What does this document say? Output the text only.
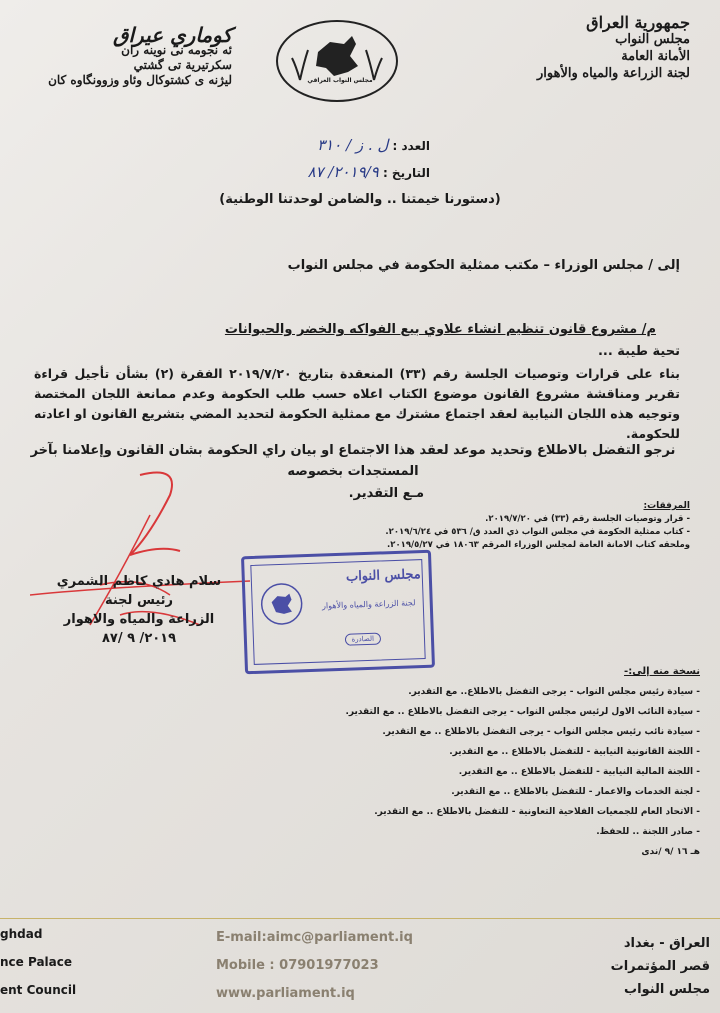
جمهورية العراق
مجلس النواب
الأمانة العامة
لجنة الزراعة والمياه والأهوار
مجلس النواب العراقي
كوماري عيراق
ئه نجومه نى نوينه ران
سكرتيرية تى گشتي
ليژنه ى كشتوكال وئاو وزوونگاوه كان
العدد : ل . ز / ٣١٠
التاريخ : ٢٠١٩/٩/ ٨٧
(دستورنا خيمتنا .. والضامن لوحدتنا الوطنية)
إلى / مجلس الوزراء – مكتب ممثلية الحكومة في مجلس النواب
م/ مشروع قانون تنظيم انشاء علاوي بيع الفواكه والخضر والحيوانات
تحية طيبة ...
بناء على قرارات وتوصيات الجلسة رقم (٣٣) المنعقدة بتاريخ ٢٠١٩/٧/٢٠ الفقرة (٢) بشأن تأجيل قراءة تقرير ومناقشة مشروع القانون موضوع الكتاب اعلاه حسب طلب الحكومة وعدم ممانعة اللجان المختصة وتوجيه هذه اللجان النيابية لعقد اجتماع مشترك مع ممثلية الحكومة لتحديد المضي بتشريع القانون او اعادته للحكومة.
نرجو التفضل بالاطلاع وتحديد موعد لعقد هذا الاجتماع او بيان راي الحكومة بشان القانون وإعلامنا بآخر المستجدات بخصوصه
مـع التقدير.
المرفقات:
- قرار وتوصيات الجلسة رقم (٣٣) في ٢٠١٩/٧/٢٠.
- كتاب ممثلية الحكومة في مجلس النواب ذي العدد ق/ ٥٣٦ في ٢٠١٩/٦/٢٤.
وملحقه كتاب الامانة العامة لمجلس الوزراء المرقم ١٨٠٦٣ في ٢٠١٩/٥/٢٧.
سلام هادي كاظم الشمري
رئيس لجنة
الزراعة والمياه والاهوار
٢٠١٩/ ٩ /٨٧
مجلس النواب
لجنة الزراعة والمياه والأهوار
الصادرة
نسخة منه إلى:-
- سيادة رئيس مجلس النواب - يرجى التفضل بالاطلاع.. مع التقدير.
- سيادة النائب الاول لرئيس مجلس النواب - يرجى التفضل بالاطلاع .. مع التقدير.
- سيادة نائب رئيس مجلس النواب - يرجى التفضل بالاطلاع .. مع التقدير.
- اللجنة القانونية النيابية - للتفضل بالاطلاع .. مع التقدير.
- اللجنة المالية النيابية - للتفضل بالاطلاع .. مع التقدير.
- لجنة الخدمات والاعمار - للتفضل بالاطلاع .. مع التقدير.
- الاتحاد العام للجمعيات الفلاحية التعاونية - للتفضل بالاطلاع .. مع التقدير.
- صادر اللجنة .. للحفظ.
هـ ١٦ /٩ /ندى
ghdad
nce Palace
ent Council
E-mail:aimc@parliament.iq
Mobile : 07901977023
www.parliament.iq
العراق - بغداد
قصر المؤتمرات
مجلس النواب
